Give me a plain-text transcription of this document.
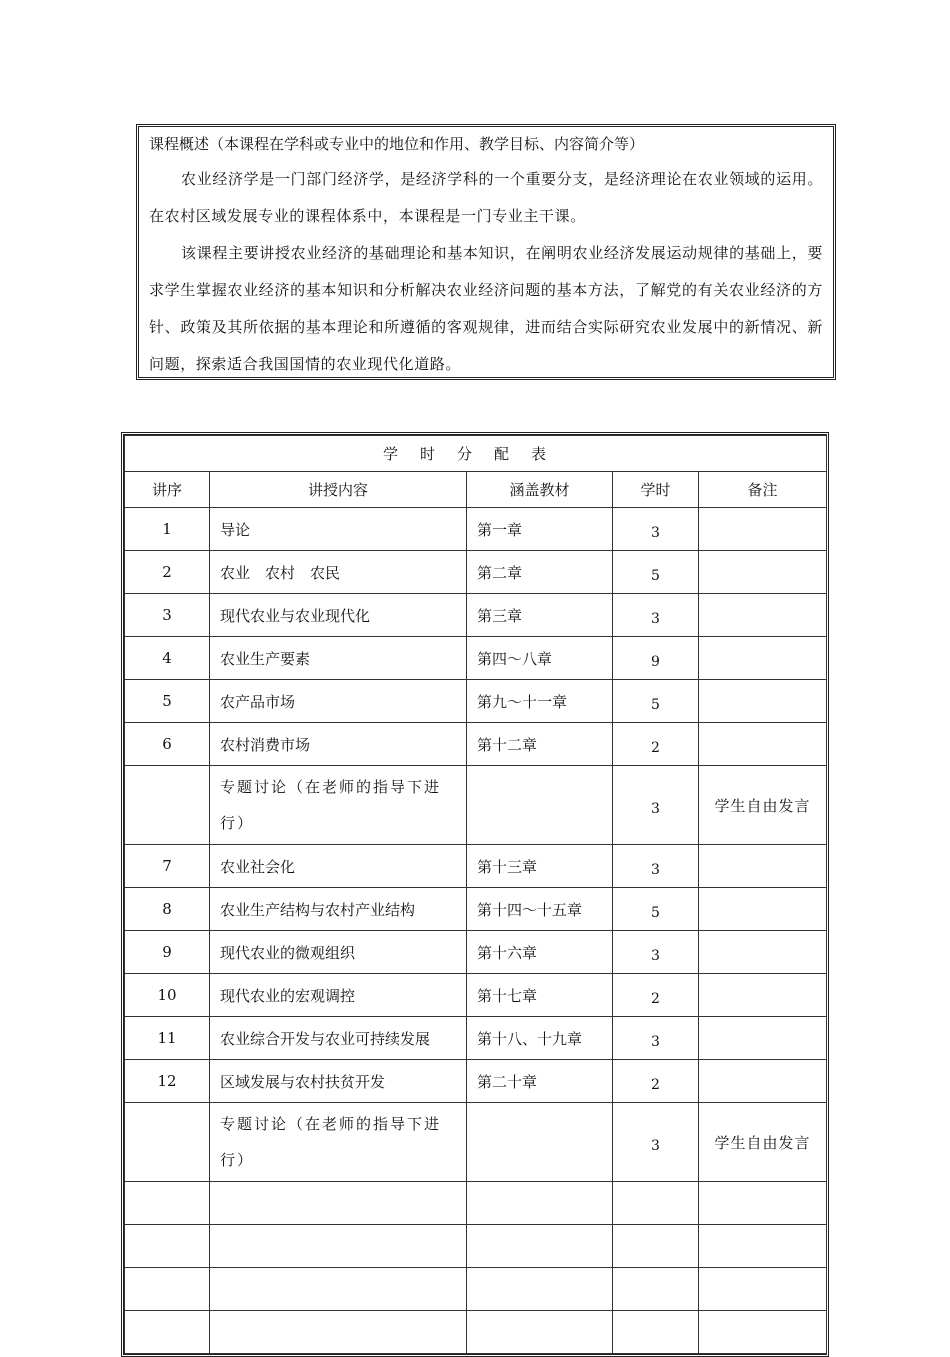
课程概述（本课程在学科或专业中的地位和作用、教学目标、内容简介等）

农业经济学是一门部门经济学，是经济学科的一个重要分支，是经济理论在农业领域的运用。在农村区域发展专业的课程体系中，本课程是一门专业主干课。

该课程主要讲授农业经济的基础理论和基本知识，在阐明农业经济发展运动规律的基础上，要求学生掌握农业经济的基本知识和分析解决农业经济问题的基本方法，了解党的有关农业经济的方针、政策及其所依据的基本理论和所遵循的客观规律，进而结合实际研究农业发展中的新情况、新问题，探索适合我国国情的农业现代化道路。

学时分配表				
讲序	讲授内容	涵盖教材	学时	备注
1	导论	第一章	3	
2	农业　农村　农民	第二章	5	
3	现代农业与农业现代化	第三章	3	
4	农业生产要素	第四～八章	9	
5	农产品市场	第九～十一章	5	
6	农村消费市场	第十二章	2	
	专题讨论（在老师的指导下进行）		3	学生自由发言
7	农业社会化	第十三章	3	
8	农业生产结构与农村产业结构	第十四～十五章	5	
9	现代农业的微观组织	第十六章	3	
10	现代农业的宏观调控	第十七章	2	
11	农业综合开发与农业可持续发展	第十八、十九章	3	
12	区域发展与农村扶贫开发	第二十章	2	
	专题讨论（在老师的指导下进行）		3	学生自由发言
